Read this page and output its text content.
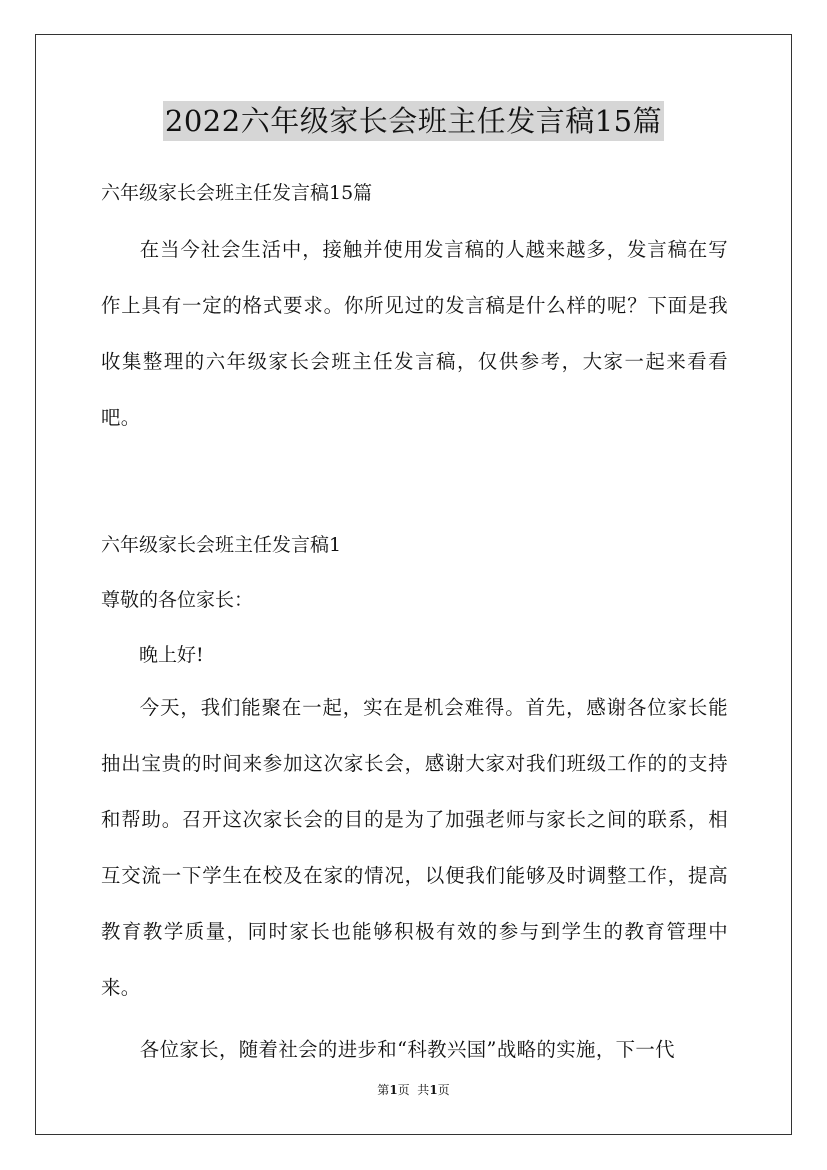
2022六年级家长会班主任发言稿15篇

六年级家长会班主任发言稿15篇

在当今社会生活中，接触并使用发言稿的人越来越多，发言稿在写作上具有一定的格式要求。你所见过的发言稿是什么样的呢？下面是我收集整理的六年级家长会班主任发言稿，仅供参考，大家一起来看看吧。

六年级家长会班主任发言稿1

尊敬的各位家长：

晚上好!

今天，我们能聚在一起，实在是机会难得。首先，感谢各位家长能抽出宝贵的时间来参加这次家长会，感谢大家对我们班级工作的的支持和帮助。召开这次家长会的目的是为了加强老师与家长之间的联系，相互交流一下学生在校及在家的情况，以便我们能够及时调整工作，提高教育教学质量，同时家长也能够积极有效的参与到学生的教育管理中来。

各位家长，随着社会的进步和“科教兴国”战略的实施，下一代

第1页  共1页
